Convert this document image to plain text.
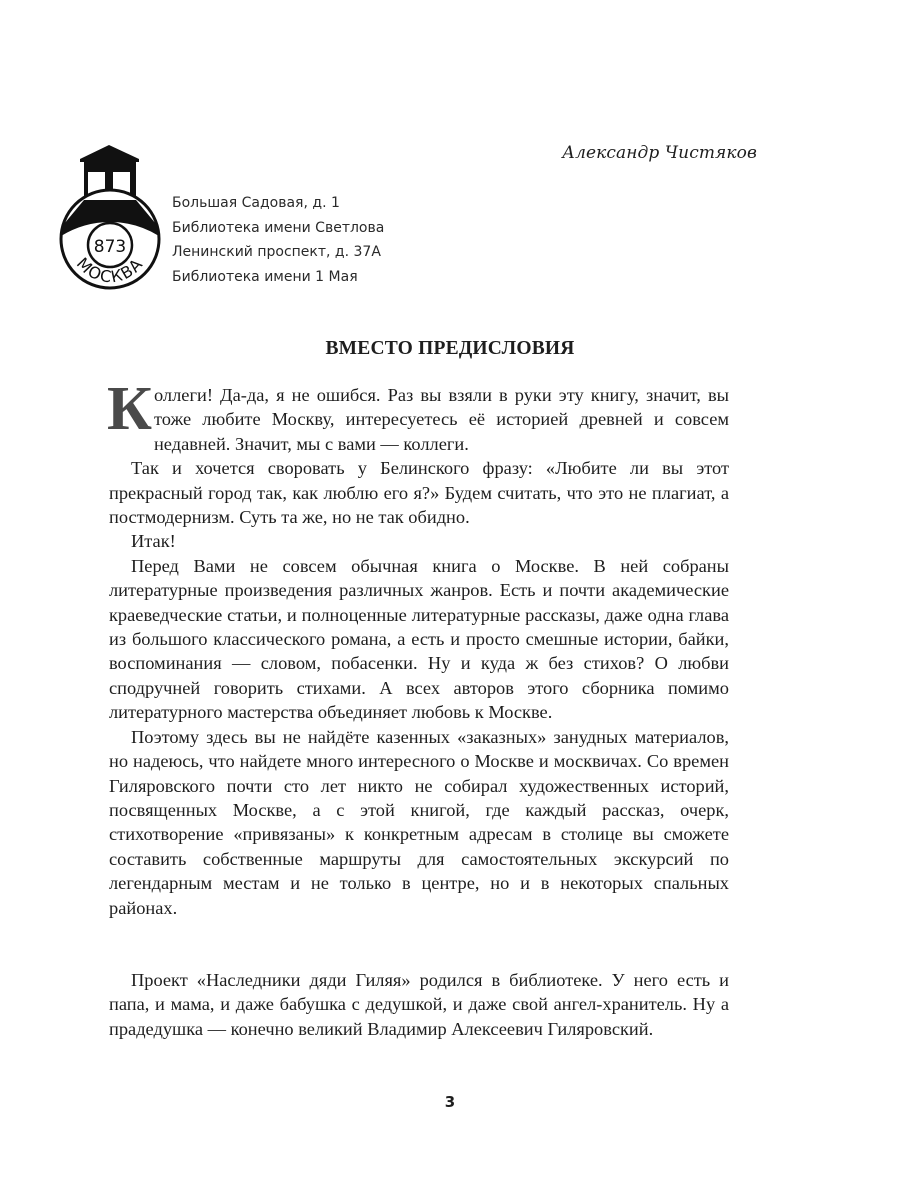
Александр Чистяков
873
МОСКВА
Большая Садовая, д. 1
Библиотека имени Светлова
Ленинский проспект, д. 37А
Библиотека имени 1 Мая
ВМЕСТО ПРЕДИСЛОВИЯ

Коллеги! Да-да, я не ошибся. Раз вы взяли в руки эту книгу, значит, вы тоже любите Москву, интересуетесь её историей древней и совсем недавней. Значит, мы с вами — коллеги.

Так и хочется своровать у Белинского фразу: «Любите ли вы этот прекрасный город так, как люблю его я?» Будем считать, что это не плагиат, а постмодернизм. Суть та же, но не так обидно.

Итак!

Перед Вами не совсем обычная книга о Москве. В ней собраны литературные произведения различных жанров. Есть и почти академические краеведческие статьи, и полноценные литературные рассказы, даже одна глава из большого классического романа, а есть и просто смешные истории, байки, воспоминания — словом, побасенки. Ну и куда ж без стихов? О любви сподручней говорить стихами. А всех авторов этого сборника помимо литературного мастерства объединяет любовь к Москве.

Поэтому здесь вы не найдёте казенных «заказных» занудных материалов, но надеюсь, что найдете много интересного о Москве и москвичах. Со времен Гиляровского почти сто лет никто не собирал художественных историй, посвященных Москве, а с этой книгой, где каждый рассказ, очерк, стихотворение «привязаны» к конкретным адресам в столице вы сможете составить собственные маршруты для самостоятельных экскурсий по легендарным местам и не только в центре, но и в некоторых спальных районах.

Проект «Наследники дяди Гиляя» родился в библиотеке. У него есть и папа, и мама, и даже бабушка с дедушкой, и даже свой ангел-хранитель. Ну а прадедушка — конечно великий Владимир Алексеевич Гиляровский.

3
